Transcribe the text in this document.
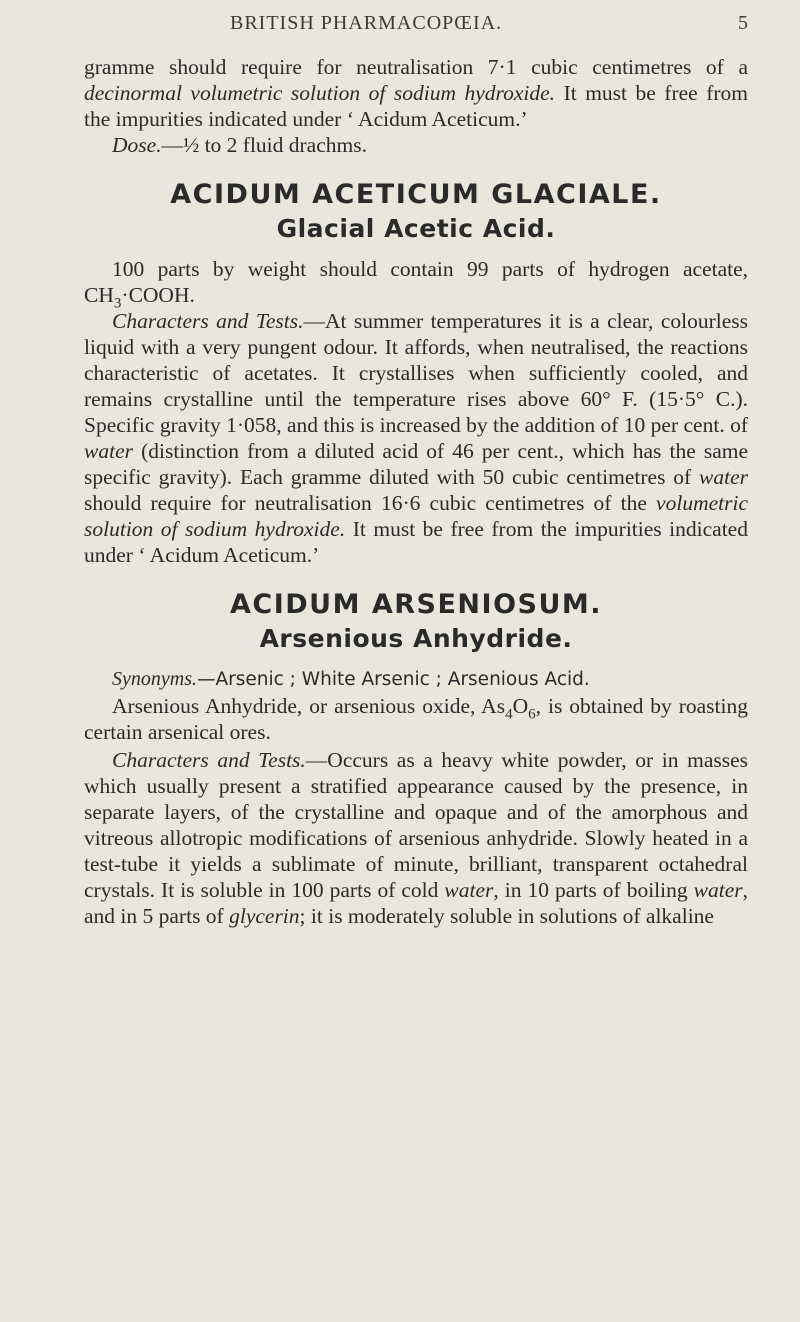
BRITISH PHARMACOPŒIA.	5

gramme should require for neutralisation 7·1 cubic centimetres of a decinormal volumetric solution of sodium hydroxide. It must be free from the impurities indicated under ‘ Acidum Aceticum.’

Dose.—½ to 2 fluid drachms.

ACIDUM ACETICUM GLACIALE.
Glacial Acetic Acid.

100 parts by weight should contain 99 parts of hydrogen acetate, $CH_3\cdot COOH$.

Characters and Tests.—At summer temperatures it is a clear, colourless liquid with a very pungent odour. It affords, when neutralised, the reactions characteristic of acetates. It crystallises when sufficiently cooled, and remains crystalline until the temperature rises above 60° F. (15·5° C.). Specific gravity 1·058, and this is increased by the addition of 10 per cent. of water (distinction from a diluted acid of 46 per cent., which has the same specific gravity). Each gramme diluted with 50 cubic centimetres of water should require for neutralisation 16·6 cubic centimetres of the volumetric solution of sodium hydroxide. It must be free from the impurities indicated under ‘ Acidum Aceticum.’

ACIDUM ARSENIOSUM.
Arsenious Anhydride.

Synonyms.—Arsenic ; White Arsenic ; Arsenious Acid.

Arsenious Anhydride, or arsenious oxide, $As_4O_6$, is obtained by roasting certain arsenical ores.

Characters and Tests.—Occurs as a heavy white powder, or in masses which usually present a stratified appearance caused by the presence, in separate layers, of the crystalline and opaque and of the amorphous and vitreous allotropic modifications of arsenious anhydride. Slowly heated in a test-tube it yields a sublimate of minute, brilliant, transparent octahedral crystals. It is soluble in 100 parts of cold water, in 10 parts of boiling water, and in 5 parts of glycerin; it is moderately soluble in solutions of alkaline
